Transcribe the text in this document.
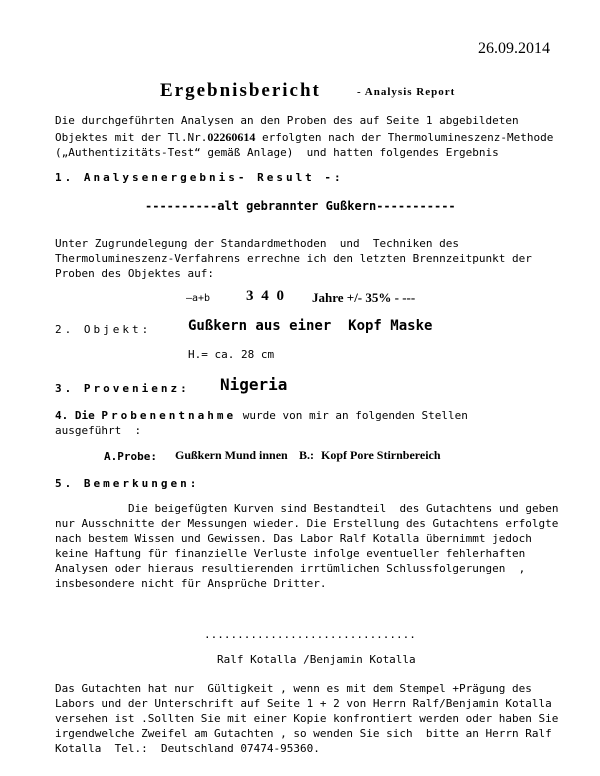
26.09.2014
Ergebnisbericht	- Analysis Report
Die durchgeführten Analysen an den Proben des auf Seite 1 abgebildeten
Objektes mit der Tl.Nr.02260614 erfolgten nach der Thermolumineszenz-Methode
(„Authentizitäts-Test“ gemäß Anlage)  und hatten folgendes Ergebnis
1. Analysenergebnis- Result -:
----------alt gebrannter Gußkern-----------
Unter Zugrundelegung der Standardmethoden  und  Techniken des
Thermolumineszenz-Verfahrens errechne ich den letzten Brennzeitpunkt der
Proben des Objektes auf:
—a+b 3 4 0 Jahre +/- 35% - ---
2. Objekt:	Gußkern aus einer  Kopf Maske
H.= ca. 28 cm
3. Provenienz: Nigeria
4. Die Probenentnahme wurde von mir an folgenden Stellen
ausgeführt  :
A.Probe: Gußkern Mund innen B.: Kopf Pore Stirnbereich
5. Bemerkungen:
Die beigefügten Kurven sind Bestandteil  des Gutachtens und geben
nur Ausschnitte der Messungen wieder. Die Erstellung des Gutachtens erfolgte
nach bestem Wissen und Gewissen. Das Labor Ralf Kotalla übernimmt jedoch
keine Haftung für finanzielle Verluste infolge eventueller fehlerhaften
Analysen oder hieraus resultierenden irrtümlichen Schlussfolgerungen  ,
insbesondere nicht für Ansprüche Dritter.
................................
Ralf Kotalla /Benjamin Kotalla
Das Gutachten hat nur  Gültigkeit , wenn es mit dem Stempel +Prägung des
Labors und der Unterschrift auf Seite 1 + 2 von Herrn Ralf/Benjamin Kotalla
versehen ist .Sollten Sie mit einer Kopie konfrontiert werden oder haben Sie
irgendwelche Zweifel am Gutachten , so wenden Sie sich  bitte an Herrn Ralf
Kotalla  Tel.:  Deutschland 07474-95360.
